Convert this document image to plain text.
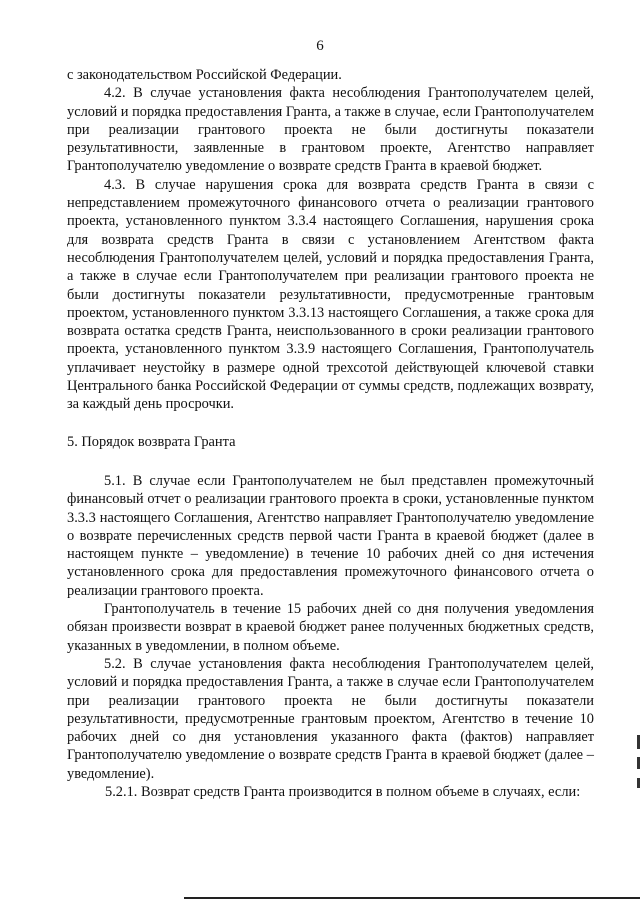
6

с законодательством Российской Федерации.

4.2. В случае установления факта несоблюдения Грантополучателем целей, условий и порядка предоставления Гранта, а также в случае, если Грантополучателем при реализации грантового проекта не были достигнуты показатели результативности, заявленные в грантовом проекте, Агентство направляет Грантополучателю уведомление о возврате средств Гранта в краевой бюджет.

4.3. В случае нарушения срока для возврата средств Гранта в связи с непредставлением промежуточного финансового отчета о реализации грантового проекта, установленного пунктом 3.3.4 настоящего Соглашения, нарушения срока для возврата средств Гранта в связи с установлением Агентством факта несоблюдения Грантополучателем целей, условий и порядка предоставления Гранта, а также в случае если Грантополучателем при реализации грантового проекта не были достигнуты показатели результативности, предусмотренные грантовым проектом, установленного пунктом 3.3.13 настоящего Соглашения, а также срока для возврата остатка средств Гранта, неиспользованного в сроки реализации грантового проекта, установленного пунктом 3.3.9 настоящего Соглашения, Грантополучатель уплачивает неустойку в размере одной трехсотой действующей ключевой ставки Центрального банка Российской Федерации от суммы средств, подлежащих возврату, за каждый день просрочки.

5. Порядок возврата Гранта

5.1. В случае если Грантополучателем не был представлен промежуточный финансовый отчет о реализации грантового проекта в сроки, установленные пунктом 3.3.3 настоящего Соглашения, Агентство направляет Грантополучателю уведомление о возврате перечисленных средств первой части Гранта в краевой бюджет (далее в настоящем пункте – уведомление) в течение 10 рабочих дней со дня истечения установленного срока для предоставления промежуточного финансового отчета о реализации грантового проекта.

Грантополучатель в течение 15 рабочих дней со дня получения уведомления обязан произвести возврат в краевой бюджет ранее полученных бюджетных средств, указанных в уведомлении, в полном объеме.

5.2. В случае установления факта несоблюдения Грантополучателем целей, условий и порядка предоставления Гранта, а также в случае если Грантополучателем при реализации грантового проекта не были достигнуты показатели результативности, предусмотренные грантовым проектом, Агентство в течение 10 рабочих дней со дня установления указанного факта (фактов) направляет Грантополучателю уведомление о возврате средств Гранта в краевой бюджет (далее – уведомление).

5.2.1. Возврат средств Гранта производится в полном объеме в случаях, если:
